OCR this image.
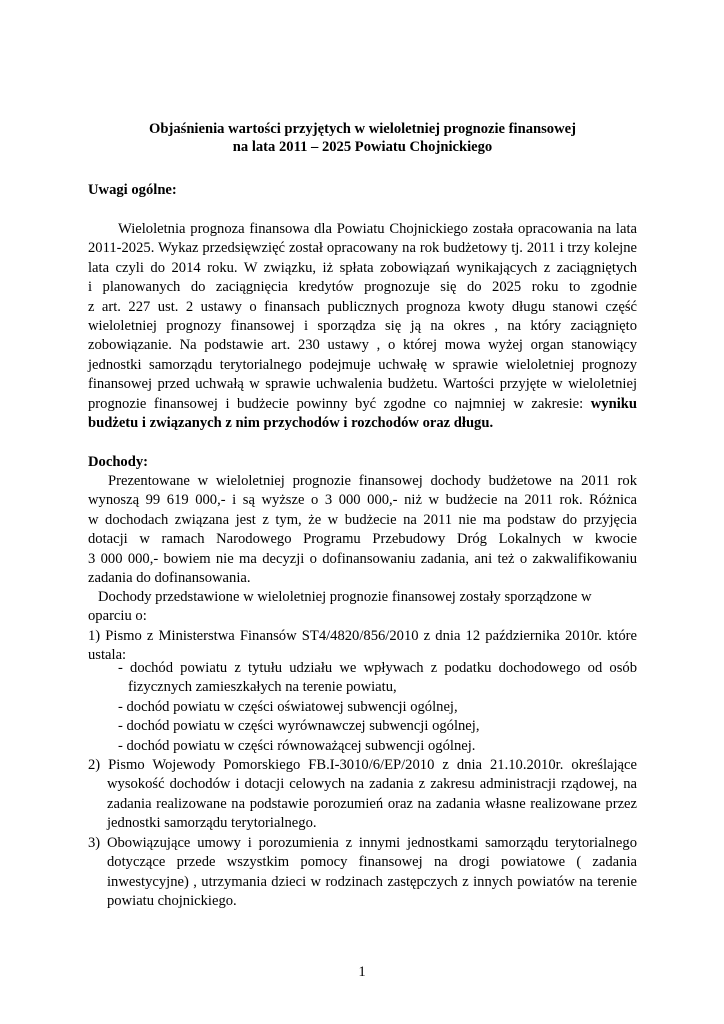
Objaśnienia wartości przyjętych w wieloletniej prognozie finansowej
na lata 2011 – 2025 Powiatu Chojnickiego
Uwagi ogólne:
Wieloletnia prognoza finansowa dla Powiatu Chojnickiego została opracowania na lata
2011-2025. Wykaz przedsięwzięć został opracowany na rok budżetowy tj. 2011 i trzy kolejne
lata czyli do 2014 roku. W związku, iż spłata zobowiązań wynikających z zaciągniętych
i planowanych do zaciągnięcia kredytów prognozuje się do 2025 roku to zgodnie
z art. 227 ust. 2 ustawy o finansach publicznych prognoza kwoty długu stanowi część
wieloletniej prognozy finansowej i sporządza się ją na okres , na który zaciągnięto
zobowiązanie. Na podstawie art. 230 ustawy , o której mowa wyżej organ stanowiący
jednostki samorządu terytorialnego podejmuje uchwałę w sprawie wieloletniej prognozy
finansowej przed uchwałą w sprawie uchwalenia budżetu. Wartości przyjęte w wieloletniej
prognozie finansowej i budżecie powinny być zgodne co najmniej w zakresie: wyniku
budżetu i związanych z nim przychodów i rozchodów oraz długu.
Dochody:
Prezentowane w wieloletniej prognozie finansowej dochody budżetowe na 2011 rok
wynoszą 99 619 000,- i są wyższe o 3 000 000,- niż w budżecie na 2011 rok. Różnica
w dochodach związana jest z tym, że w budżecie na 2011 nie ma podstaw do przyjęcia
dotacji w ramach Narodowego Programu Przebudowy Dróg Lokalnych w kwocie
3 000 000,- bowiem nie ma decyzji o dofinansowaniu zadania, ani też o zakwalifikowaniu
zadania do dofinansowania.
Dochody przedstawione w wieloletniej prognozie finansowej zostały sporządzone w
oparciu o:
1) Pismo z Ministerstwa Finansów ST4/4820/856/2010 z dnia 12 października 2010r. które
ustala:
- dochód powiatu z tytułu udziału we wpływach z podatku dochodowego od osób
fizycznych zamieszkałych na terenie powiatu,
- dochód powiatu w części oświatowej subwencji ogólnej,
- dochód powiatu w części wyrównawczej subwencji ogólnej,
- dochód powiatu w części równoważącej subwencji ogólnej.
2) Pismo Wojewody Pomorskiego FB.I-3010/6/EP/2010 z dnia 21.10.2010r. określające
wysokość dochodów i dotacji celowych na zadania z zakresu administracji rządowej, na
zadania realizowane na podstawie porozumień oraz na zadania własne realizowane przez
jednostki samorządu terytorialnego.
3) Obowiązujące umowy i porozumienia z innymi jednostkami samorządu terytorialnego
dotyczące przede wszystkim pomocy finansowej na drogi powiatowe ( zadania
inwestycyjne) , utrzymania dzieci w rodzinach zastępczych z innych powiatów na terenie
powiatu chojnickiego.
1
